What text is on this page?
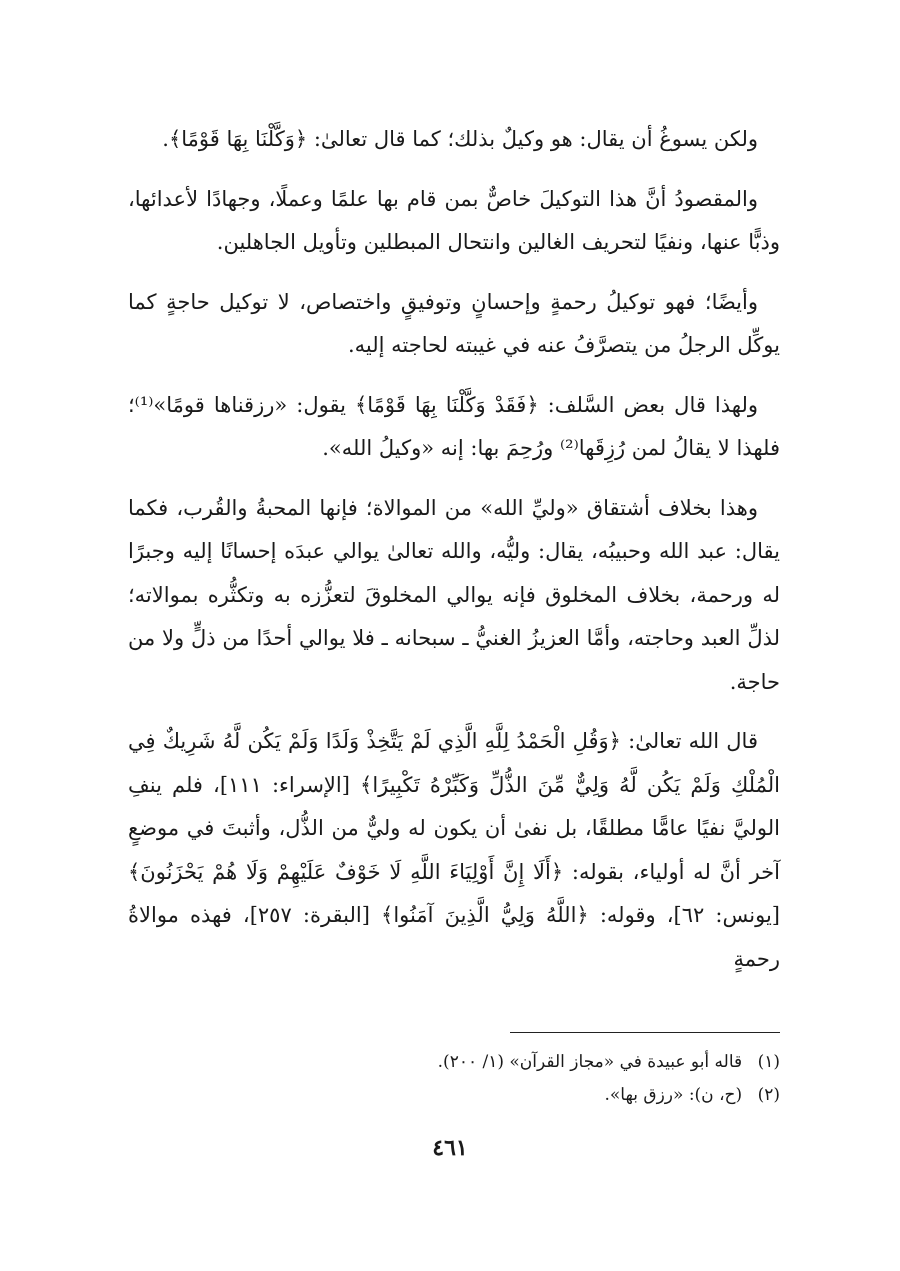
ولكن يسوغُ أن يقال: هو وكيلٌ بذلك؛ كما قال تعالىٰ: ﴿وَكَّلْنَا بِهَا قَوْمًا﴾.

والمقصودُ أنَّ هذا التوكيلَ خاصٌّ بمن قام بها علمًا وعملًا، وجهادًا لأعدائها، وذبًّا عنها، ونفيًا لتحريف الغالين وانتحال المبطلين وتأويل الجاهلين.

وأيضًا؛ فهو توكيلُ رحمةٍ وإحسانٍ وتوفيقٍ واختصاص، لا توكيل حاجةٍ كما يوكِّل الرجلُ من يتصرَّفُ عنه في غيبته لحاجته إليه.

ولهذا قال بعض السَّلف: ﴿فَقَدْ وَكَّلْنَا بِهَا قَوْمًا﴾ يقول: «رزقناها قومًا»⁽¹⁾؛ فلهذا لا يقالُ لمن رُزِقَها⁽²⁾ ورُحِمَ بها: إنه «وكيلُ الله».

وهذا بخلاف أشتقاق «وليِّ الله» من الموالاة؛ فإنها المحبةُ والقُرب، فكما يقال: عبد الله وحبيبُه، يقال: وليُّه، والله تعالىٰ يوالي عبدَه إحسانًا إليه وجبرًا له ورحمة، بخلاف المخلوق فإنه يوالي المخلوقَ لتعزُّزه به وتكثُّره بموالاته؛ لذلِّ العبد وحاجته، وأمَّا العزيزُ الغنيُّ ـ سبحانه ـ فلا يوالي أحدًا من ذلٍّ ولا من حاجة.

قال الله تعالىٰ: ﴿وَقُلِ الْحَمْدُ لِلَّهِ الَّذِي لَمْ يَتَّخِذْ وَلَدًا وَلَمْ يَكُن لَّهُ شَرِيكٌ فِي الْمُلْكِ وَلَمْ يَكُن لَّهُ وَلِيٌّ مِّنَ الذُّلِّ وَكَبِّرْهُ تَكْبِيرًا﴾ [الإسراء: ١١١]، فلم ينفِ الوليَّ نفيًا عامًّا مطلقًا، بل نفىٰ أن يكون له وليٌّ من الذُّل، وأثبتَ في موضعٍ آخر أنَّ له أولياء، بقوله: ﴿أَلَا إِنَّ أَوْلِيَاءَ اللَّهِ لَا خَوْفٌ عَلَيْهِمْ وَلَا هُمْ يَحْزَنُونَ﴾ [يونس: ٦٢]، وقوله: ﴿اللَّهُ وَلِيُّ الَّذِينَ آمَنُوا﴾ [البقرة: ٢٥٧]، فهذه موالاةُ رحمةٍ

(١) قاله أبو عبيدة في «مجاز القرآن» (١/ ٢٠٠).

(٢) (ح، ن): «رزق بها».

٤٦١
